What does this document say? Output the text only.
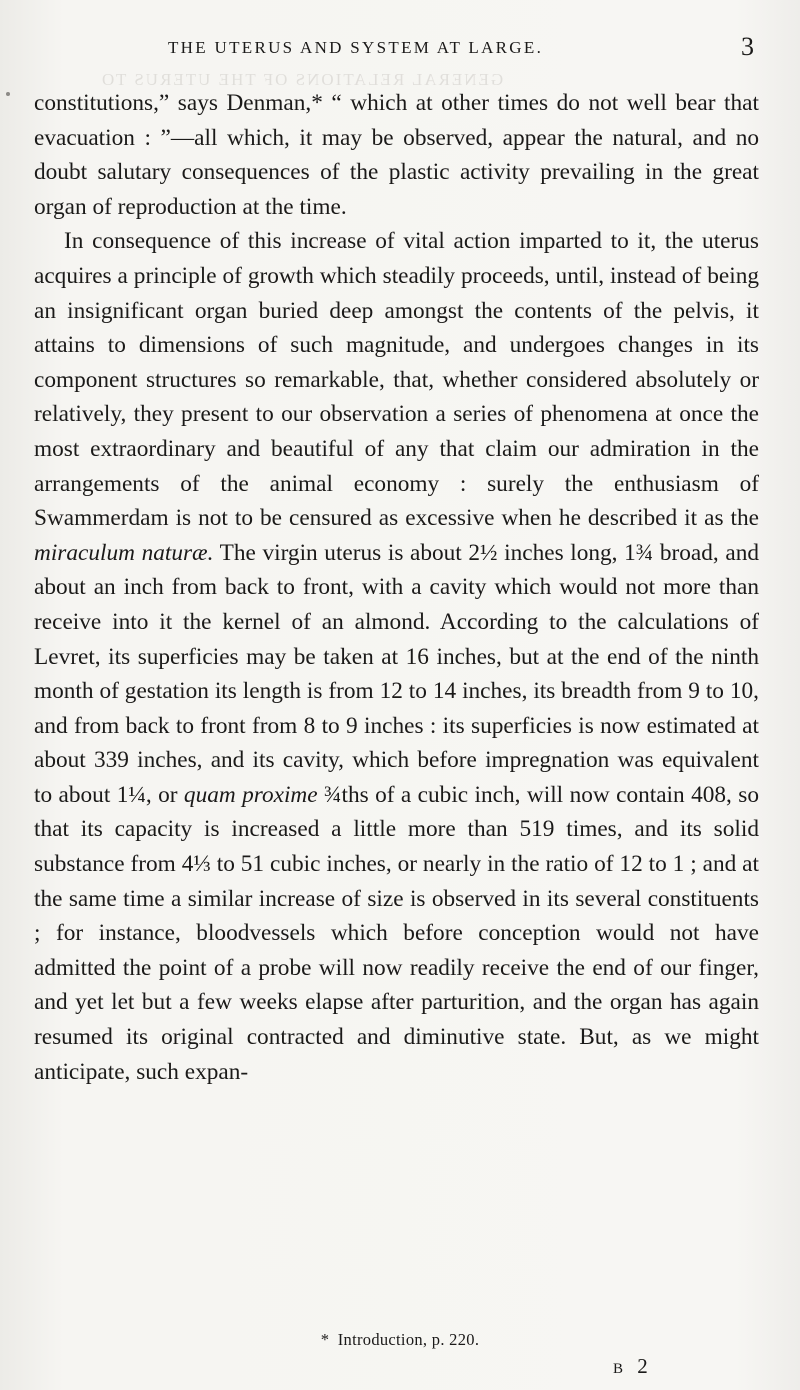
THE UTERUS AND SYSTEM AT LARGE.	3
GENERAL RELATIONS OF THE UTERUS TO

constitutions,” says Denman,* “ which at other times do not well bear that evacuation : ”—all which, it may be observed, appear the natural, and no doubt salutary consequences of the plastic activity prevailing in the great organ of reproduction at the time.

In consequence of this increase of vital action imparted to it, the uterus acquires a principle of growth which steadily proceeds, until, instead of being an insignificant organ buried deep amongst the contents of the pelvis, it attains to dimensions of such magnitude, and undergoes changes in its component structures so remarkable, that, whether considered absolutely or relatively, they present to our observation a series of phenomena at once the most extraordinary and beautiful of any that claim our admiration in the arrangements of the animal economy : surely the enthusiasm of Swammerdam is not to be censured as excessive when he described it as the miraculum naturæ. The virgin uterus is about 2½ inches long, 1¾ broad, and about an inch from back to front, with a cavity which would not more than receive into it the kernel of an almond. According to the calculations of Levret, its superficies may be taken at 16 inches, but at the end of the ninth month of gestation its length is from 12 to 14 inches, its breadth from 9 to 10, and from back to front from 8 to 9 inches : its superficies is now estimated at about 339 inches, and its cavity, which before impregnation was equivalent to about 1¼, or quam proxime ¾ths of a cubic inch, will now contain 408, so that its capacity is increased a little more than 519 times, and its solid substance from 4⅓ to 51 cubic inches, or nearly in the ratio of 12 to 1 ; and at the same time a similar increase of size is observed in its several constituents ; for instance, bloodvessels which before conception would not have admitted the point of a probe will now readily receive the end of our finger, and yet let but a few weeks elapse after parturition, and the organ has again resumed its original contracted and diminutive state. But, as we might anticipate, such expan-

* Introduction, p. 220.
B 2
